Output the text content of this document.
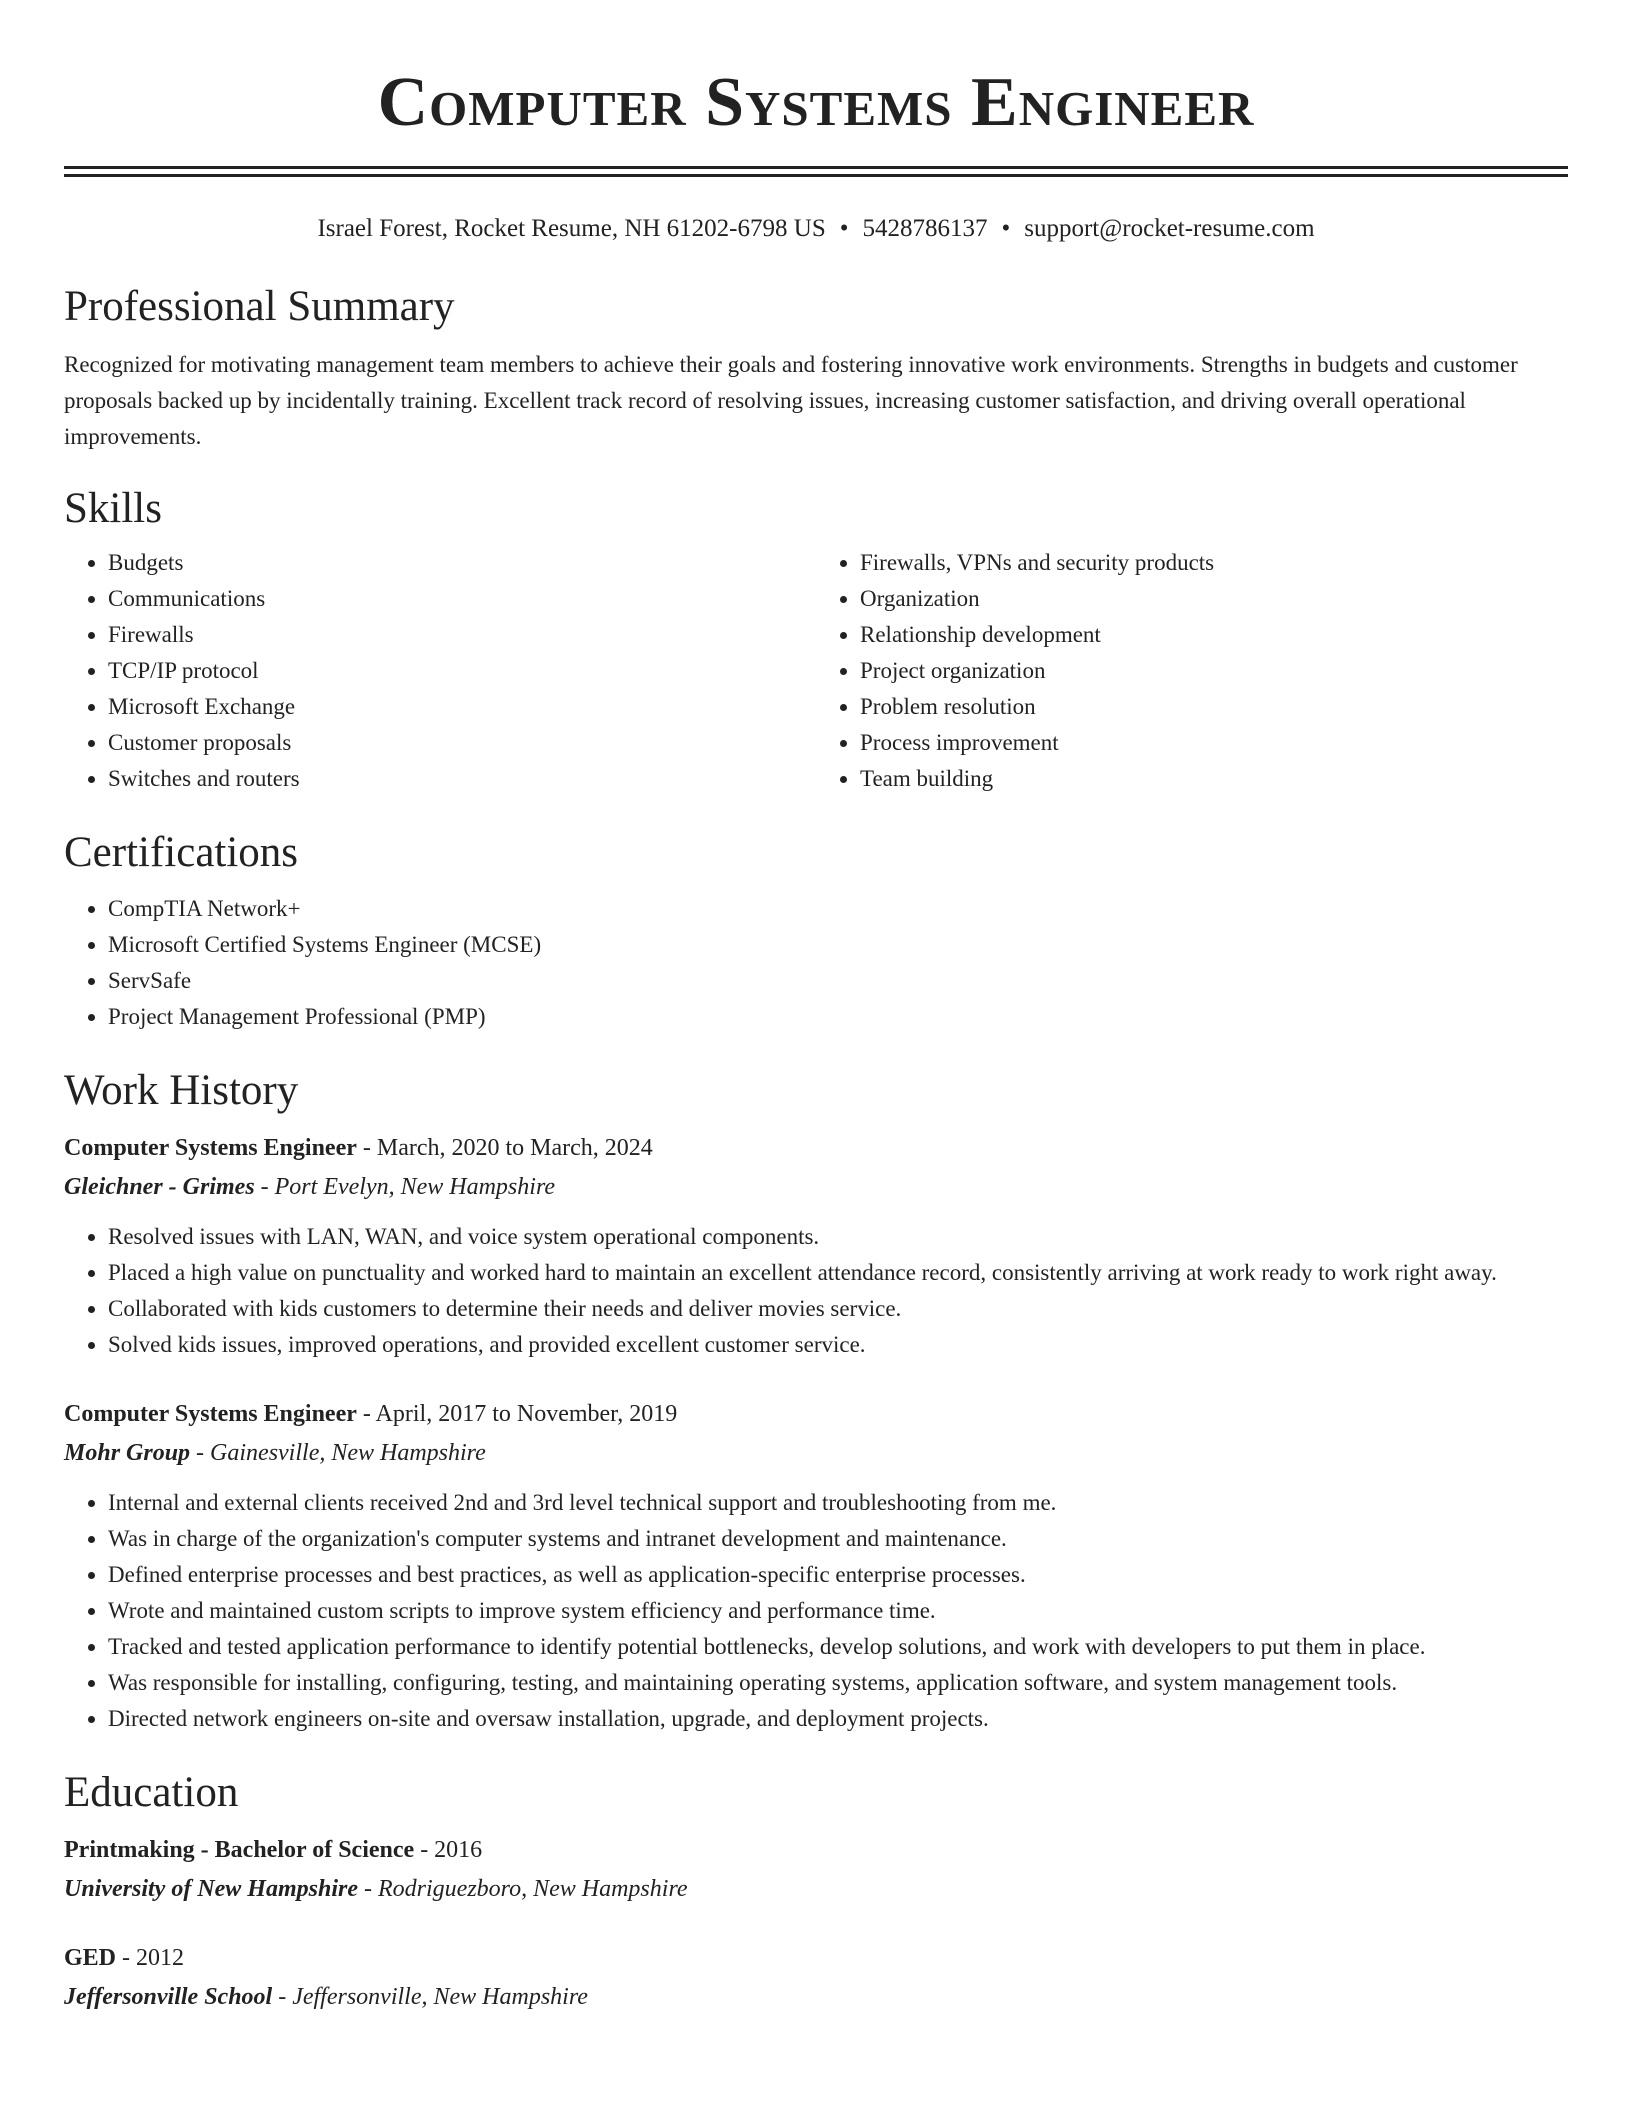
Computer Systems Engineer
Israel Forest, Rocket Resume, NH 61202-6798 US • 5428786137 • support@rocket-resume.com
Professional Summary

Recognized for motivating management team members to achieve their goals and fostering innovative work environments. Strengths in budgets and customer proposals backed up by incidentally training. Excellent track record of resolving issues, increasing customer satisfaction, and driving overall operational improvements.

Skills
• Budgets
• Communications
• Firewalls
• TCP/IP protocol
• Microsoft Exchange
• Customer proposals
• Switches and routers
• Firewalls, VPNs and security products
• Organization
• Relationship development
• Project organization
• Problem resolution
• Process improvement
• Team building
Certifications
• CompTIA Network+
• Microsoft Certified Systems Engineer (MCSE)
• ServSafe
• Project Management Professional (PMP)
Work History

Computer Systems Engineer - March, 2020 to March, 2024

Gleichner - Grimes - Port Evelyn, New Hampshire

• Resolved issues with LAN, WAN, and voice system operational components.
• Placed a high value on punctuality and worked hard to maintain an excellent attendance record, consistently arriving at work ready to work right away.
• Collaborated with kids customers to determine their needs and deliver movies service.
• Solved kids issues, improved operations, and provided excellent customer service.

Computer Systems Engineer - April, 2017 to November, 2019

Mohr Group - Gainesville, New Hampshire

• Internal and external clients received 2nd and 3rd level technical support and troubleshooting from me.
• Was in charge of the organization's computer systems and intranet development and maintenance.
• Defined enterprise processes and best practices, as well as application-specific enterprise processes.
• Wrote and maintained custom scripts to improve system efficiency and performance time.
• Tracked and tested application performance to identify potential bottlenecks, develop solutions, and work with developers to put them in place.
• Was responsible for installing, configuring, testing, and maintaining operating systems, application software, and system management tools.
• Directed network engineers on-site and oversaw installation, upgrade, and deployment projects.
Education

Printmaking - Bachelor of Science - 2016

University of New Hampshire - Rodriguezboro, New Hampshire

GED - 2012

Jeffersonville School - Jeffersonville, New Hampshire
